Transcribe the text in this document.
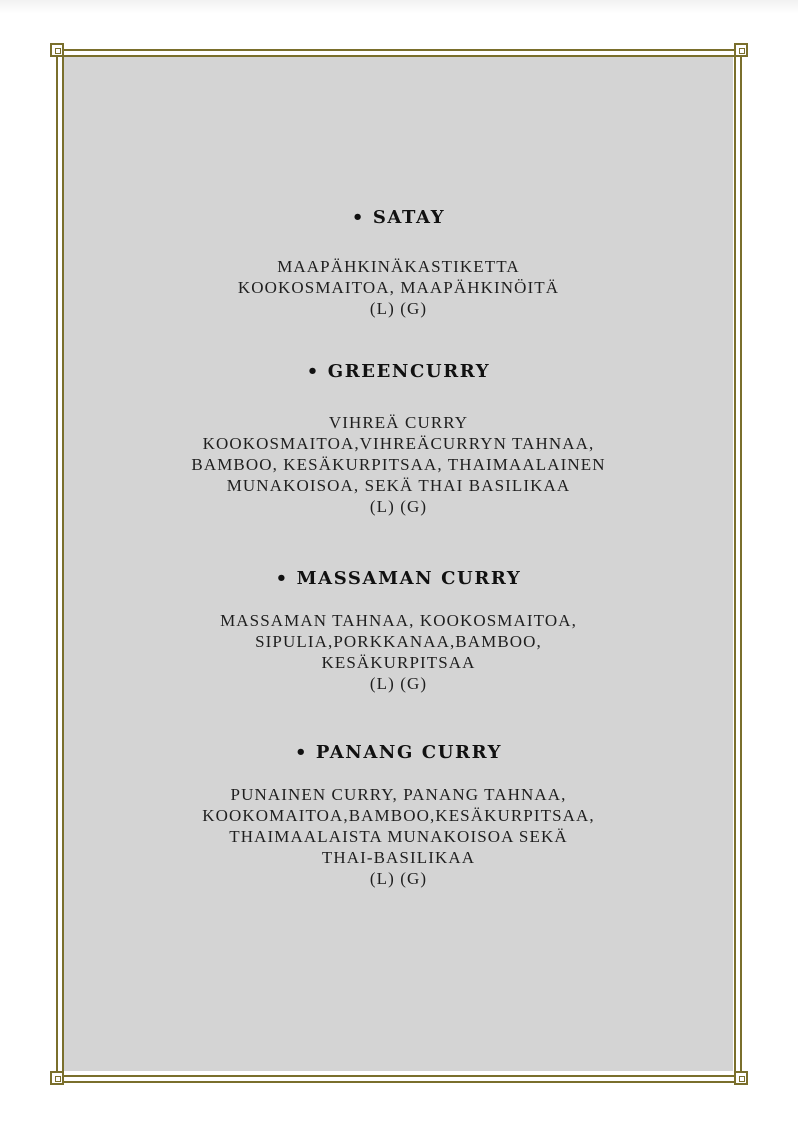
• SATAY
MAAPÄHKINÄKASTIKETTA
KOOKOSMAITOA, MAAPÄHKINÖITÄ
(L) (G)
• GREENCURRY
VIHREÄ CURRY
KOOKOSMAITOA,VIHREÄCURRYN TAHNAA,
BAMBOO, KESÄKURPITSAA, THAIMAALAINEN
MUNAKOISOA, SEKÄ THAI BASILIKAA
(L) (G)
• MASSAMAN CURRY
MASSAMAN TAHNAA, KOOKOSMAITOA,
SIPULIA,PORKKANAA,BAMBOO,
KESÄKURPITSAA
(L) (G)
• PANANG CURRY
PUNAINEN CURRY, PANANG TAHNAA,
KOOKOMAITOA,BAMBOO,KESÄKURPITSAA,
THAIMAALAISTA MUNAKOISOA SEKÄ
THAI-BASILIKAA
(L) (G)
